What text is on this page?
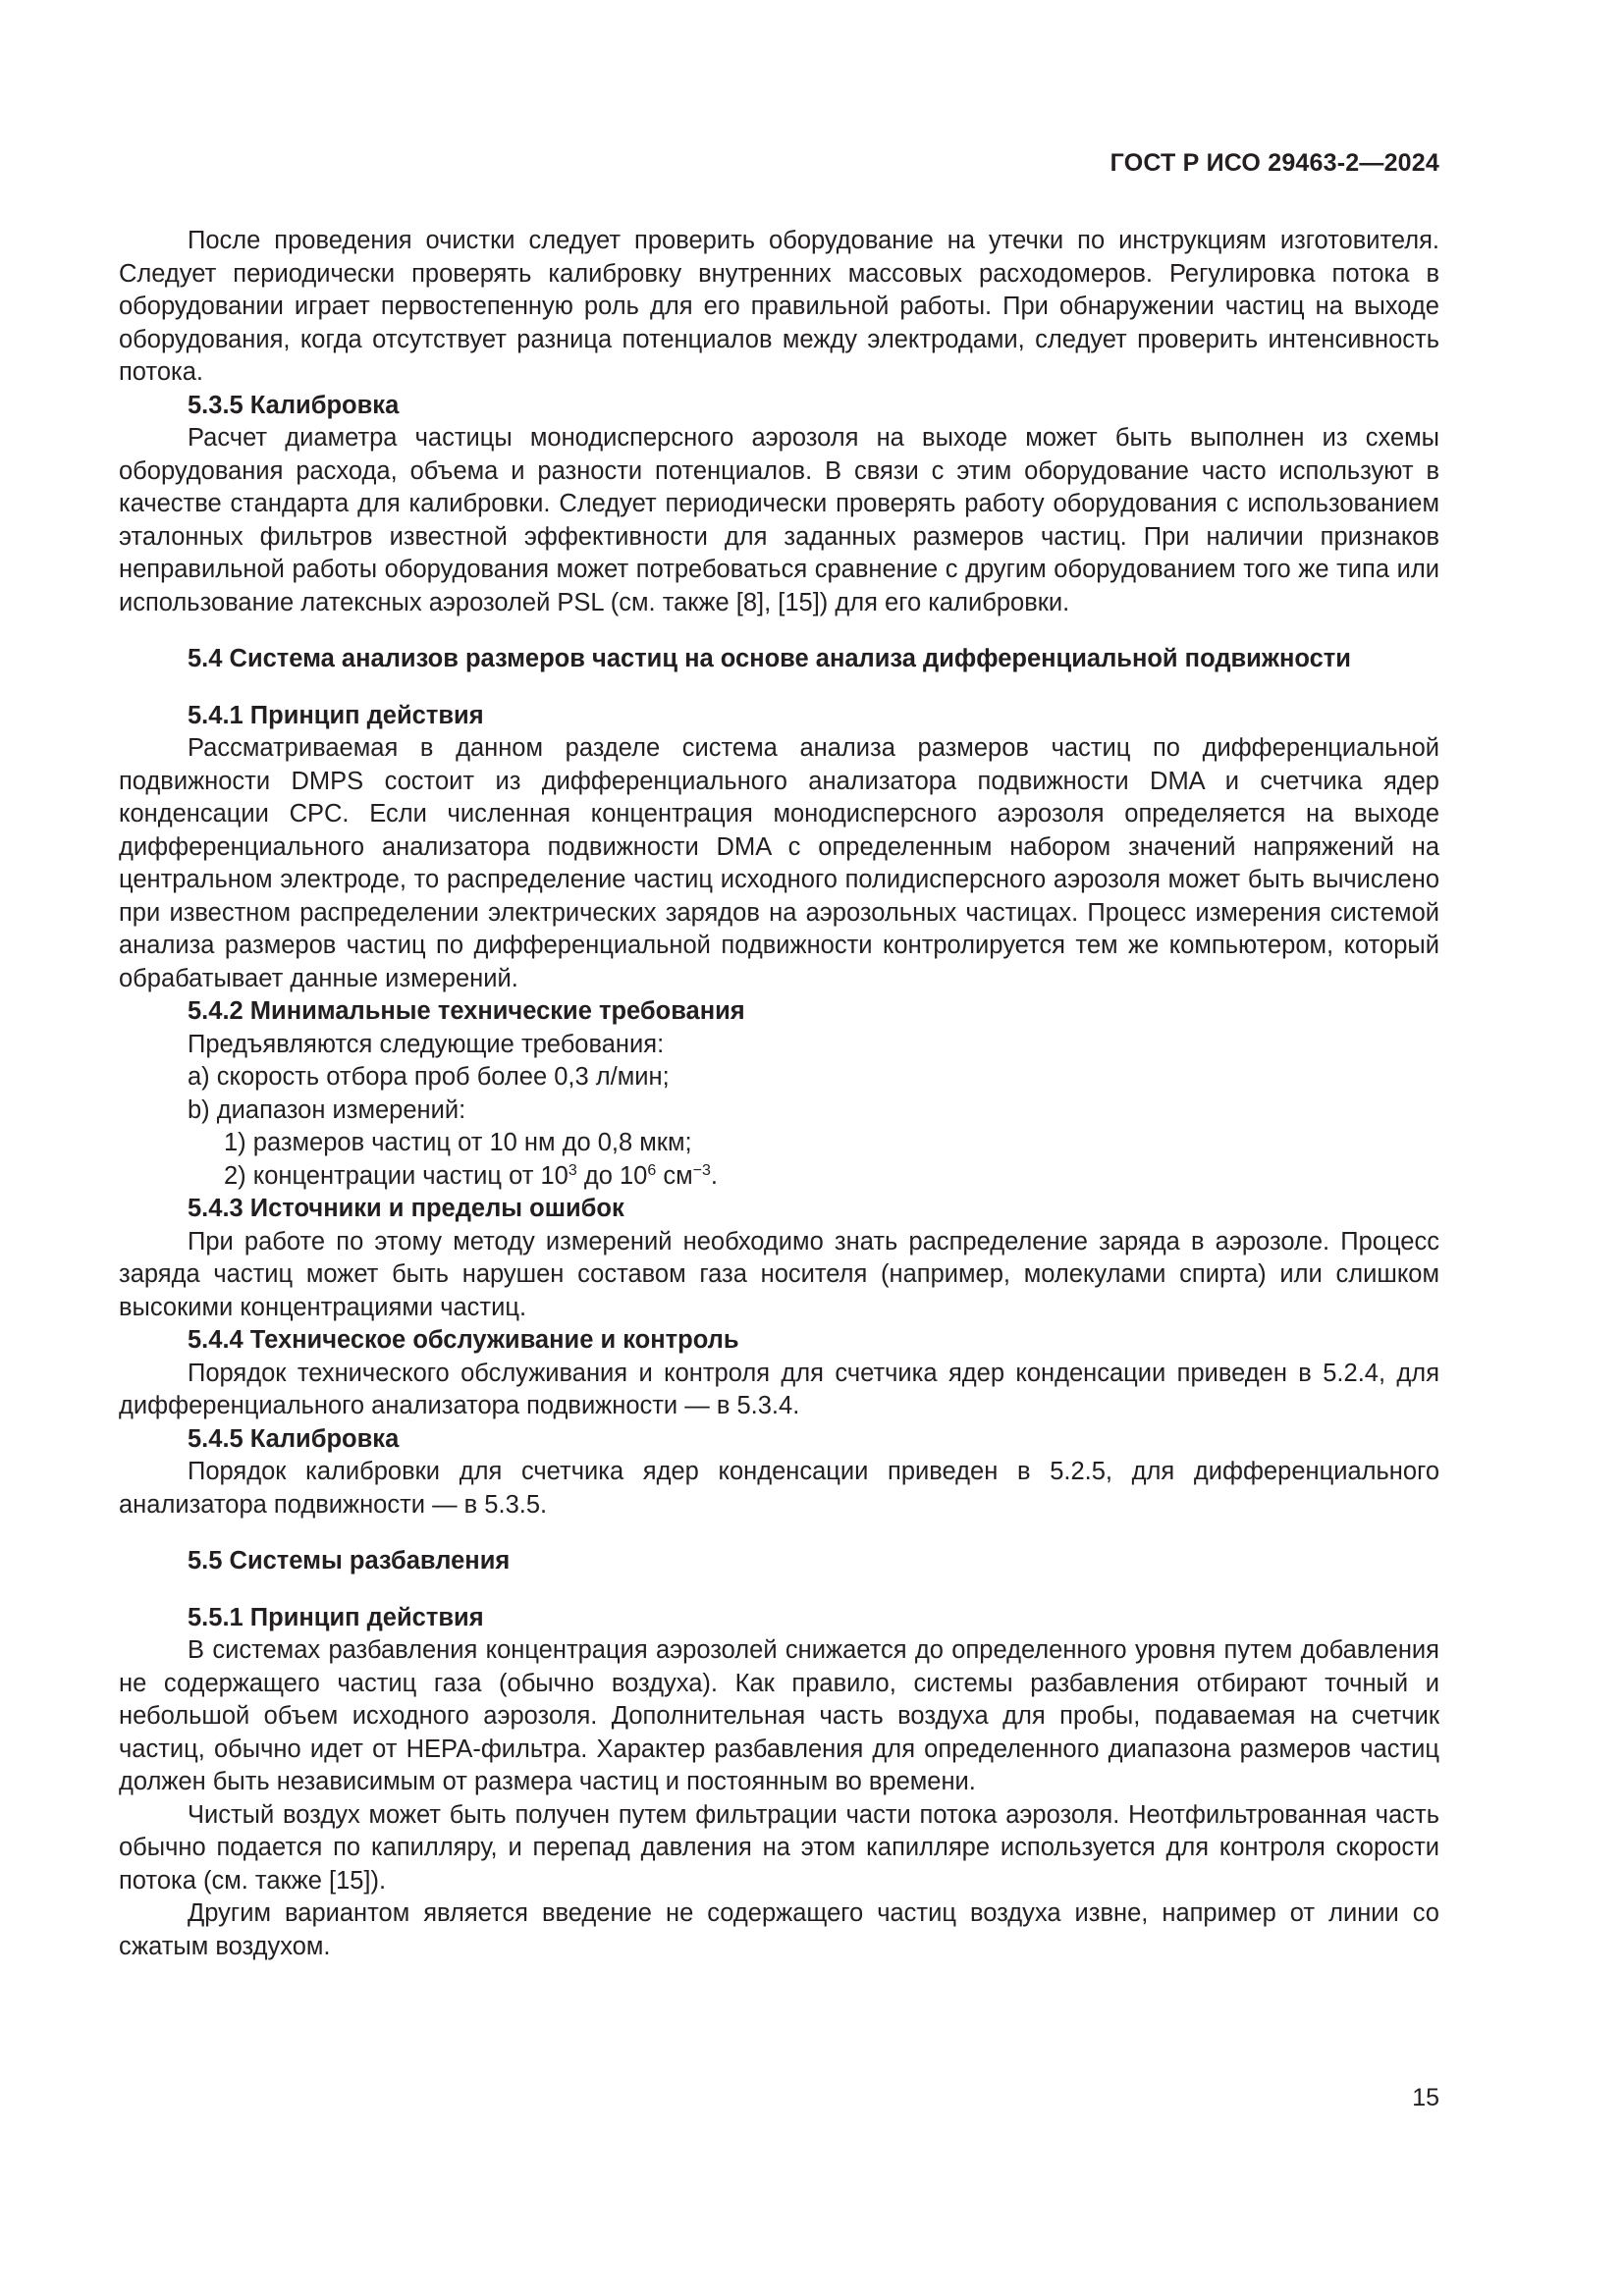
ГОСТ Р ИСО 29463-2—2024

После проведения очистки следует проверить оборудование на утечки по инструкциям изготовителя. Следует периодически проверять калибровку внутренних массовых расходомеров. Регулировка потока в оборудовании играет первостепенную роль для его правильной работы. При обнаружении частиц на выходе оборудования, когда отсутствует разница потенциалов между электродами, следует проверить интенсивность потока.

5.3.5 Калибровка

Расчет диаметра частицы монодисперсного аэрозоля на выходе может быть выполнен из схемы оборудования расхода, объема и разности потенциалов. В связи с этим оборудование часто используют в качестве стандарта для калибровки. Следует периодически проверять работу оборудования с использованием эталонных фильтров известной эффективности для заданных размеров частиц. При наличии признаков неправильной работы оборудования может потребоваться сравнение с другим оборудованием того же типа или использование латексных аэрозолей PSL (см. также [8], [15]) для его калибровки.

5.4 Система анализов размеров частиц на основе анализа дифференциальной подвижности

5.4.1 Принцип действия

Рассматриваемая в данном разделе система анализа размеров частиц по дифференциальной подвижности DMPS состоит из дифференциального анализатора подвижности DMA и счетчика ядер конденсации CPC. Если численная концентрация монодисперсного аэрозоля определяется на выходе дифференциального анализатора подвижности DMA с определенным набором значений напряжений на центральном электроде, то распределение частиц исходного полидисперсного аэрозоля может быть вычислено при известном распределении электрических зарядов на аэрозольных частицах. Процесс измерения системой анализа размеров частиц по дифференциальной подвижности контролируется тем же компьютером, который обрабатывает данные измерений.

5.4.2 Минимальные технические требования

Предъявляются следующие требования:

a) скорость отбора проб более 0,3 л/мин;

b) диапазон измерений:

1) размеров частиц от 10 нм до 0,8 мкм;

2) концентрации частиц от $10^3$ до $10^6$ $см^{-3}$.

5.4.3 Источники и пределы ошибок

При работе по этому методу измерений необходимо знать распределение заряда в аэрозоле. Процесс заряда частиц может быть нарушен составом газа носителя (например, молекулами спирта) или слишком высокими концентрациями частиц.

5.4.4 Техническое обслуживание и контроль

Порядок технического обслуживания и контроля для счетчика ядер конденсации приведен в 5.2.4, для дифференциального анализатора подвижности — в 5.3.4.

5.4.5 Калибровка

Порядок калибровки для счетчика ядер конденсации приведен в 5.2.5, для дифференциального анализатора подвижности — в 5.3.5.

5.5 Системы разбавления

5.5.1 Принцип действия

В системах разбавления концентрация аэрозолей снижается до определенного уровня путем добавления не содержащего частиц газа (обычно воздуха). Как правило, системы разбавления отбирают точный и небольшой объем исходного аэрозоля. Дополнительная часть воздуха для пробы, подаваемая на счетчик частиц, обычно идет от НЕРА-фильтра. Характер разбавления для определенного диапазона размеров частиц должен быть независимым от размера частиц и постоянным во времени.

Чистый воздух может быть получен путем фильтрации части потока аэрозоля. Неотфильтрованная часть обычно подается по капилляру, и перепад давления на этом капилляре используется для контроля скорости потока (см. также [15]).

Другим вариантом является введение не содержащего частиц воздуха извне, например от линии со сжатым воздухом.

15
